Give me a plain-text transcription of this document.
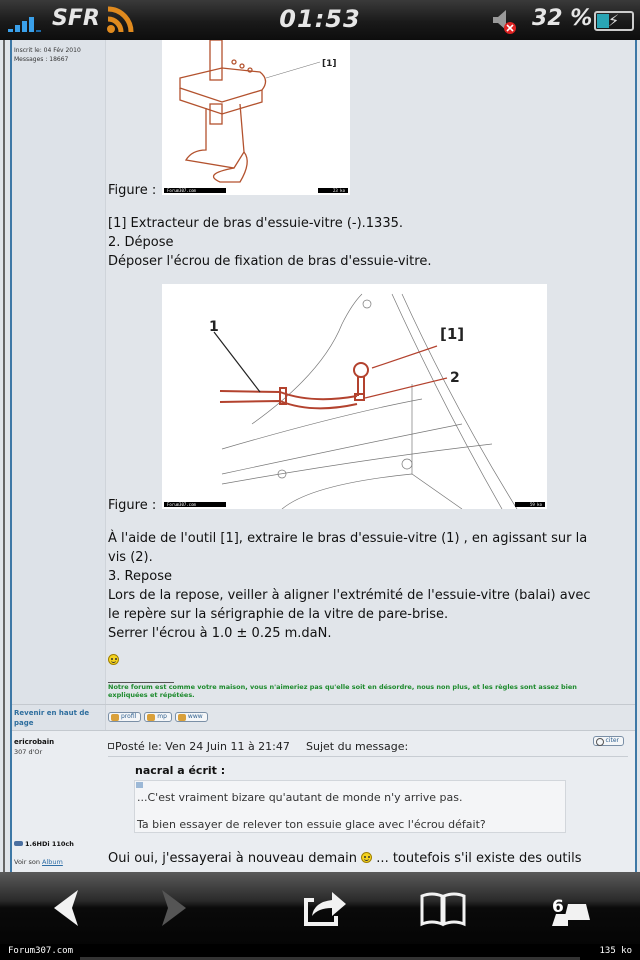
SFR	01:53	32 % ⚡
Inscrit le: 04 Fév 2010
Messages : 18667	[1]
Forum307.com	23 ko
Figure :
[1] Extracteur de bras d'essuie-vitre (-).1335.
2. Dépose
Déposer l'écrou de fixation de bras d'essuie-vitre.
1	[1]
2
Forum307.com	59 ko
Figure :
À l'aide de l'outil [1], extraire le bras d'essuie-vitre (1) , en agissant sur la
vis (2).
3. Repose
Lors de la repose, veiller à aligner l'extrémité de l'essuie-vitre (balai) avec
le repère sur la sérigraphie de la vitre de pare-brise.
Serrer l'écrou à 1.0 ± 0.25 m.daN.
Notre forum est comme votre maison, vous n'aimeriez pas qu'elle soit en désordre, nous non plus, et les règles sont assez bien expliquées et répétées.
profil	mp	www
Revenir en haut de page
ericrobain
307 d'Or
1.6HDi 110ch
Voir son Album
Posté le: Ven 24 Juin 11 à 21:47 Sujet du message:	citer
nacral a écrit :
...C'est vraiment bizare qu'autant de monde n'y arrive pas.
Ta bien essayer de relever ton essuie glace avec l'écrou défait?
Oui oui, j'essayerai à nouveau demain  ... toutefois s'il existe des outils
6
Forum307.com	135 ko
